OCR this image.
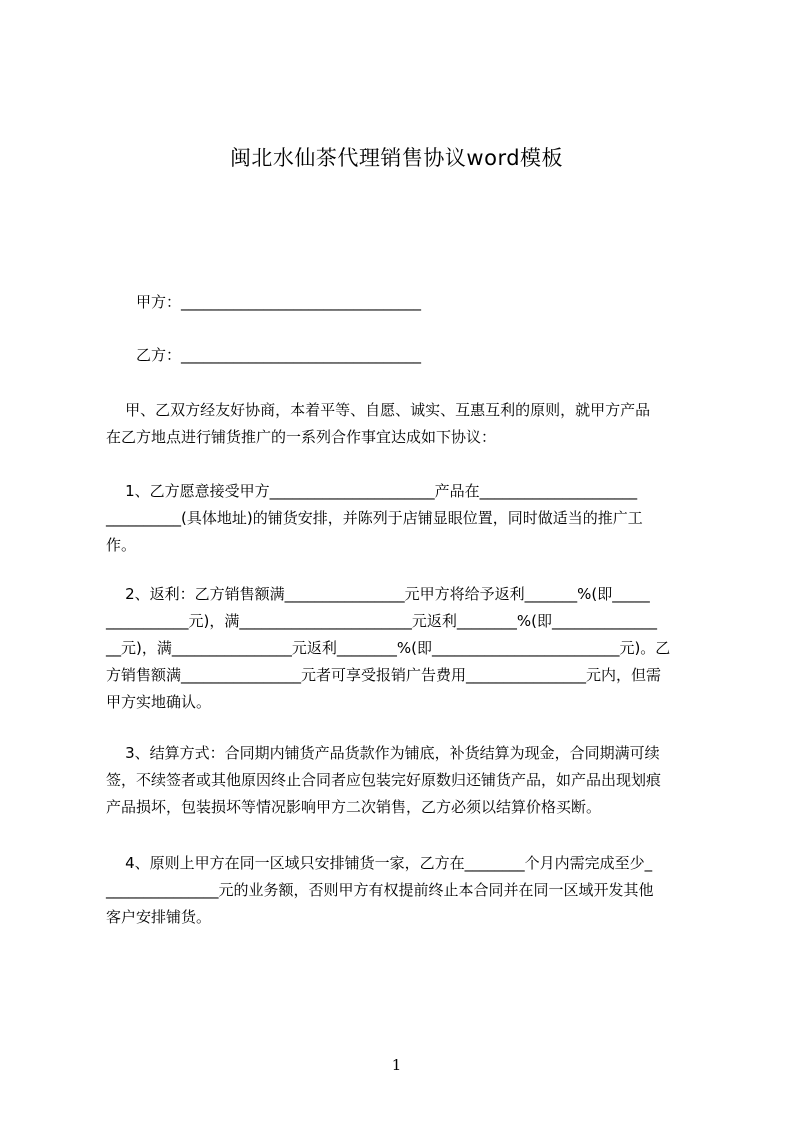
闽北水仙茶代理销售协议word模板
甲方：________________________________
乙方：________________________________
甲、乙双方经友好协商，本着平等、自愿、诚实、互惠互利的原则，就甲方产品
在乙方地点进行铺货推广的一系列合作事宜达成如下协议：
1、乙方愿意接受甲方______________________产品在_____________________
__________(具体地址)的铺货安排，并陈列于店铺显眼位置，同时做适当的推广工
作。
2、返利：乙方销售额满________________元甲方将给予返利_______%(即_____
___________元)，满_______________________元返利________%(即______________
__元)，满________________元返利________%(即_________________________元)。乙
方销售额满________________元者可享受报销广告费用________________元内，但需
甲方实地确认。
3、结算方式：合同期内铺货产品货款作为铺底，补货结算为现金，合同期满可续
签，不续签者或其他原因终止合同者应包装完好原数归还铺货产品，如产品出现划痕
产品损坏，包装损坏等情况影响甲方二次销售，乙方必须以结算价格买断。
4、原则上甲方在同一区域只安排铺货一家，乙方在________个月内需完成至少_
_______________元的业务额，否则甲方有权提前终止本合同并在同一区域开发其他
客户安排铺货。
1
